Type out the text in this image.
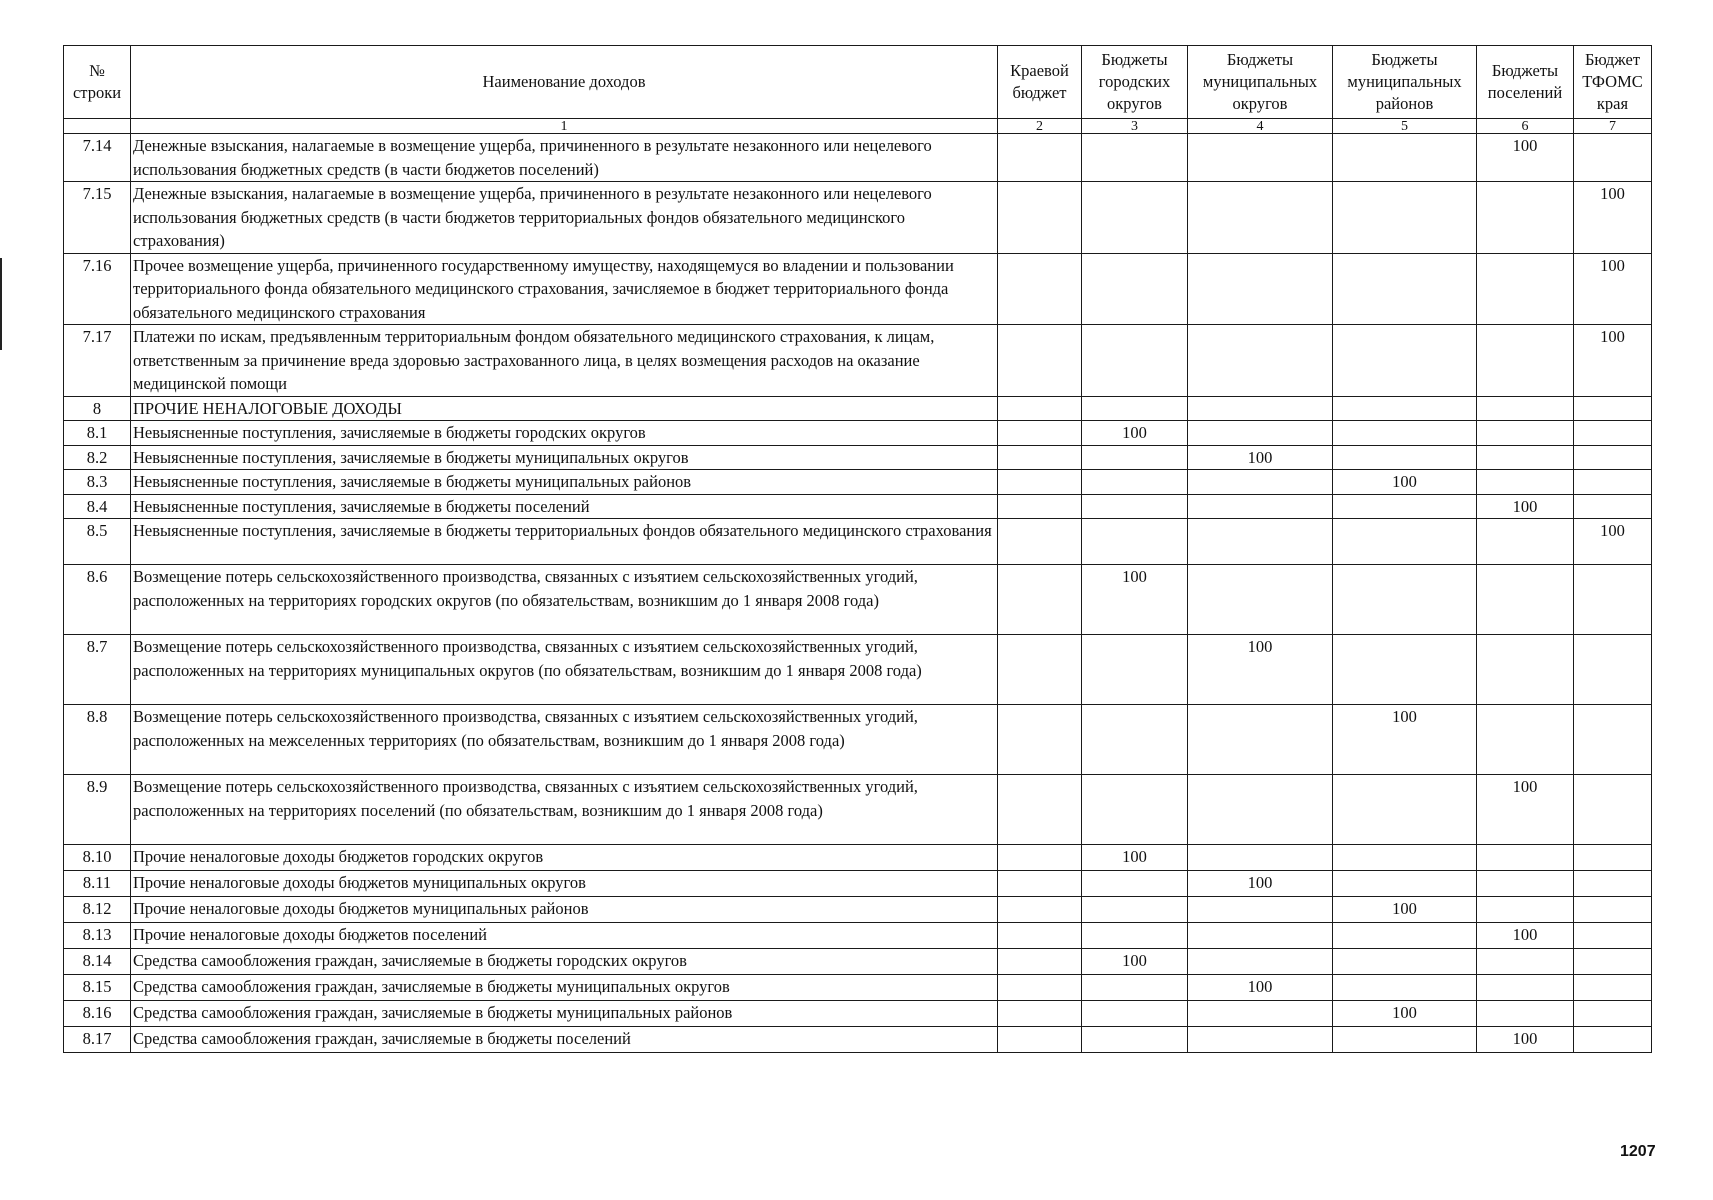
№ строки	Наименование доходов	Краевой бюджет	Бюджеты городских округов	Бюджеты муниципальных округов	Бюджеты муниципальных районов	Бюджеты поселений	Бюджет ТФОМС края
	1	2	3	4	5	6	7
7.14	Денежные взыскания, налагаемые в возмещение ущерба, причиненного в результате незаконного или нецелевого использования бюджетных средств (в части бюджетов поселений)					100	
7.15	Денежные взыскания, налагаемые в возмещение ущерба, причиненного в результате незаконного или нецелевого использования бюджетных средств (в части бюджетов территориальных фондов обязательного медицинского страхования)						100
7.16	Прочее возмещение ущерба, причиненного государственному имуществу, находящемуся во владении и пользовании территориального фонда обязательного медицинского страхования, зачисляемое в бюджет территориального фонда обязательного медицинского страхования						100
7.17	Платежи по искам, предъявленным территориальным фондом обязательного медицинского страхования, к лицам, ответственным за причинение вреда здоровью застрахованного лица, в целях возмещения расходов на оказание медицинской помощи						100
8	ПРОЧИЕ НЕНАЛОГОВЫЕ ДОХОДЫ						
8.1	Невыясненные поступления, зачисляемые в бюджеты городских округов		100				
8.2	Невыясненные поступления, зачисляемые в бюджеты муниципальных округов			100			
8.3	Невыясненные поступления, зачисляемые в бюджеты муниципальных районов				100		
8.4	Невыясненные поступления, зачисляемые в бюджеты поселений					100	
8.5	Невыясненные поступления, зачисляемые в бюджеты территориальных фондов обязательного медицинского страхования						100
8.6	Возмещение потерь сельскохозяйственного производства, связанных с изъятием сельскохозяйственных угодий, расположенных на территориях городских округов (по обязательствам, возникшим до 1 января 2008 года)		100				
8.7	Возмещение потерь сельскохозяйственного производства, связанных с изъятием сельскохозяйственных угодий, расположенных на территориях муниципальных округов (по обязательствам, возникшим до 1 января 2008 года)			100			
8.8	Возмещение потерь сельскохозяйственного производства, связанных с изъятием сельскохозяйственных угодий, расположенных на межселенных территориях (по обязательствам, возникшим до 1 января 2008 года)				100		
8.9	Возмещение потерь сельскохозяйственного производства, связанных с изъятием сельскохозяйственных угодий, расположенных на территориях поселений (по обязательствам, возникшим до 1 января 2008 года)					100	
8.10	Прочие неналоговые доходы бюджетов городских округов		100				
8.11	Прочие неналоговые доходы бюджетов муниципальных округов			100			
8.12	Прочие неналоговые доходы бюджетов муниципальных районов				100		
8.13	Прочие неналоговые доходы бюджетов поселений					100	
8.14	Средства самообложения граждан, зачисляемые в бюджеты городских округов		100				
8.15	Средства самообложения граждан, зачисляемые в бюджеты муниципальных округов			100			
8.16	Средства самообложения граждан, зачисляемые в бюджеты муниципальных районов				100		
8.17	Средства самообложения граждан, зачисляемые в бюджеты поселений					100	
1207
